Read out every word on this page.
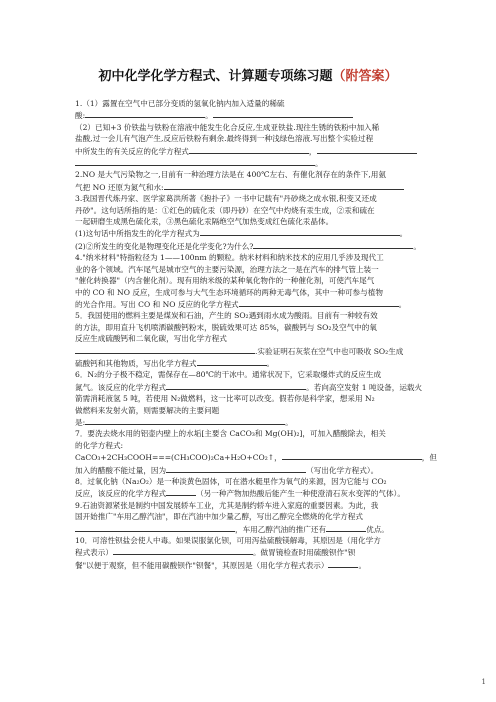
初中化学化学方程式、计算题专项练习题（附答案）

1.（1）露置在空气中已部分变质的氢氧化钠内加入适量的稀硫

酸:	。

（2）已知+3 价铁盐与铁粉在溶液中能发生化合反应,生成亚铁盐.现往生锈的铁粉中加入稀

盐酸,过一会儿有气泡产生,反应后铁粉有剩余.最终得到一种浅绿色溶液.写出整个实验过程

中所发生的有关反应的化学方程式	，

。

2.NO 是大气污染物之一,目前有一种治理方法是在 400℃左右、有催化剂存在的条件下,用氨

气把 NO 还原为氮气和水:

3.我国晋代炼丹家、医学家葛洪所著《抱扑子》一书中记载有"丹砂烧之成水银,积变又还成

丹砂"。这句话所指的是：①红色的硫化汞（即丹砂）在空气中灼烧有汞生成，②汞和硫在

一起研磨生成黑色硫化汞，③黑色硫化汞隔绝空气加热变成红色硫化汞晶体。

(1)这句话中所指发生的化学方程式为	。

(2)②所发生的变化是物理变化还是化学变化?为什么?	。

4."纳米材料"特指粒径为 1——100nm 的颗粒。纳米材料和纳米技术的应用几乎涉及现代工

业的各个领域。汽车尾气是城市空气的主要污染源，治理方法之一是在汽车的排气管上装一

"催化转换器"（内含催化剂）。现有用纳米级的某种氧化物作的一种催化剂，可使汽车尾气

中的 CO 和 NO 反应，生成可参与大气生态环境循环的两种无毒气体，其中一种可参与植物

的光合作用。写出 CO 和 NO 反应的化学方程式	。

5．我国使用的燃料主要是煤炭和石油，产生的 SO₂遇到雨水成为酸雨。目前有一种较有效

的方法，即用直升飞机喷洒碳酸钙粉末，脱硫效果可达 85%，碳酸钙与 SO₂及空气中的氧

反应生成硫酸钙和二氧化碳，写出化学方程式

.实验证明石灰浆在空气中也可吸收 SO₂生成

硫酸钙和其他物质，写出化学方程式	。

6．N₂的分子极不稳定，需保存在—80℃的干冰中。通常状况下，它采取爆炸式的反应生成

氮气。该反应的化学方程式	。若向高空发射 1 吨设备，运载火

箭需消耗液氢 5 吨，若使用 N₂做燃料，这一比率可以改变。假若你是科学家，想采用 N₂

做燃料来发射火箭，则需要解决的主要问题

是:	。

7．要洗去烧水用的铝壶内壁上的水垢[主要含 CaCO₃和 Mg(OH)₂]，可加入醋酸除去，相关

的化学方程式:

CaCO₃+2CH₃COOH===(CH₃COO)₂Ca+H₂O+CO₂↑，	，但

加入的醋酸不能过量，因为	（写出化学方程式）。

8．过氧化钠（Na₂O₂）是一种淡黄色固体，可在潜水艇里作为氧气的来源，因为它能与 CO₂

反应，该反应的化学方程式	（另一种产物加热酸后能产生一种使澄清石灰水变浑的气体）。

9.石油资源紧张是制约中国发展轿车工业，尤其是制约轿车进入家庭的重要因素。为此，我

国开始推广"车用乙醇汽油"，即在汽油中加少量乙醇，写出乙醇完全燃烧的化学方程式

，车用乙醇汽油的推广还有	优点。

10．可溶性钡盐会使人中毒。如果误服氯化钡，可用泻盐硫酸镁解毒，其原因是（用化学方

程式表示）	。做胃镜检查时用硫酸钡作"钡

餐"以便于观察，但不能用碳酸钡作"钡餐"，其原因是（用化学方程式表示）	。

1
